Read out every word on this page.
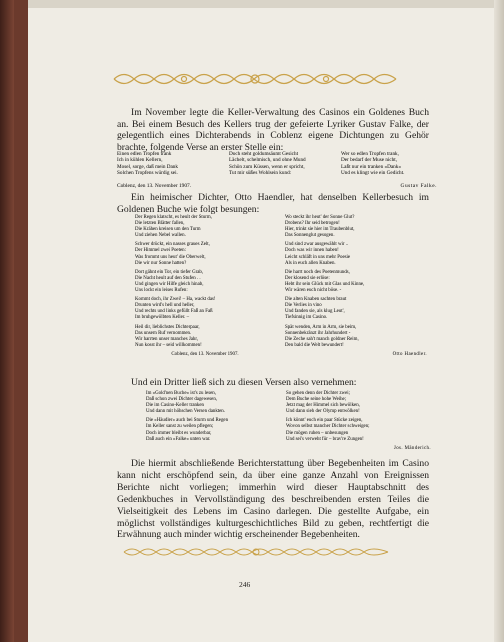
Im November legte die Keller-Verwaltung des Casinos ein Goldenes Buch an. Bei einem Besuch des Kellers trug der gefeierte Lyriker Gustav Falke, der gelegentlich eines Dichterabends in Coblenz eigene Dichtungen zu Gehör brachte, folgende Verse an erster Stelle ein:

Einen edlen Tropfen trank
Ich in kühlen Kellern,
Mosel, sorge, daß mein Dank
Solchen Tropfens würdig sei.
Doch steht goldumsäumt Gesicht
Lächelt, schelmisch, und ohne Mund
Schön zum Küssen, wenn er spricht,
Tut mir süßes Wohlsein kund:
Wer so edlen Tropfen trank,
Der bedarf der Muse nicht,
Laßt nur ein tranken »Dank«
Und es klingt wie ein Gedicht.
Coblenz, den 13. November 1907.	Gustav Falke.

Ein heimischer Dichter, Otto Haendler, hat denselben Kellerbesuch im Goldenen Buche wie folgt besungen:

Der Regen klatscht, es heult der Sturm,
Die letzten Blätter fallen,
Die Krähen kreisen um den Turm
Und ziehen Nebel wallen.
Schwer drückt, ein nasses graues Zelt,
Der Himmel zwei Poeten:
Was frommt uns heut' die Oberwelt,
Die wir nur Sonne hatten?
Dort gähnt ein Tor, ein tiefer Grab,
Die Nacht heult auf den Stufen . .
Und gingen wir Hilfe gleich hinab,
Uns lockt ein leises Rufen:
Kommt doch, ihr Zwei! – Ha, wackt das!
Drunten wird's hell und heller,
Und rechts und links gefüllt Faß an Faß
Im bruhgewölbten Keller. –
Heil dir, lieblichstes Dichterpaar,
Das unsern Ruf vernommen.
Wir harrten unser manches Jahr,
Nun kosst ihr – seid willkommen!
Coblenz, den 13. November 1907.
Wo steckt ihr heut' der Sonne Glut?
Drobens? Ihr seid betrogen!
Hier, trinkt sie hier im Traubenblut,
Das Sonnenglut gesogen.
Und sind zwar ausgewählt wir ..
Doch was wir innen haben!
Leicht schläft in uns mehr Poesie
Als in euch allen Knaben.
Die harrt noch des Poetenmunds,
Der klosend sie erlöse:
Hebt ihr sein Glück mit Glas und Kinne,
Wir wären euch nicht böse. -
Die alten Knaben sachten braut
Die Verlies in vino
Und fanden sie, als klug Leut',
Tiefsinnig im Casino.
Spät wenden, Arm in Arm, sie beim,
Sonnenbekränzt ihr Jahrhundert -
Die Zeche sah't manch goldner Reim,
Den bald die Welt bewundert!
Otto Haendler.

Und ein Dritter ließ sich zu diesen Versen also vernehmen:

Im »Gold'nen Buche« ist's zu lesen,
Daß schon zwei Dichter dagewesen,
Die im Casino-Keller tranken
Und dann mit höhschen Versen dankten.
Die »Häudler« auch bei Sturm und Regen
Im Keller sanst zu weilen pflegen;
Doch immer bleibt es wunderbar,
Daß auch ein »Falke« unten war.
So gehen denn der Dichter zwei;
Dem Buche seine hohe Weihe;
Jetzt mag der Himmel sich bewölken,
Und dann sieh der Olymp entwölken!
Ich könnt' euch ein paar Stücke zeigen,
Wovon selbst mancher Dichter schweigen;
Die mögen ruhen – unbesungen
Und sei's verweht für – brav're Zungen!
Jos. Mänderich.

Die hiermit abschließende Berichterstattung über Begebenheiten im Casino kann nicht erschöpfend sein, da über eine ganze Anzahl von Ereignissen Berichte nicht vorliegen; immerhin wird dieser Hauptabschnitt des Gedenkbuches in Vervollständigung des beschreibenden ersten Teiles die Vielseitigkeit des Lebens im Casino darlegen. Die gestellte Aufgabe, ein möglichst vollständiges kulturgeschichtliches Bild zu geben, rechtfertigt die Erwähnung auch minder wichtig erscheinender Begebenheiten.

246
